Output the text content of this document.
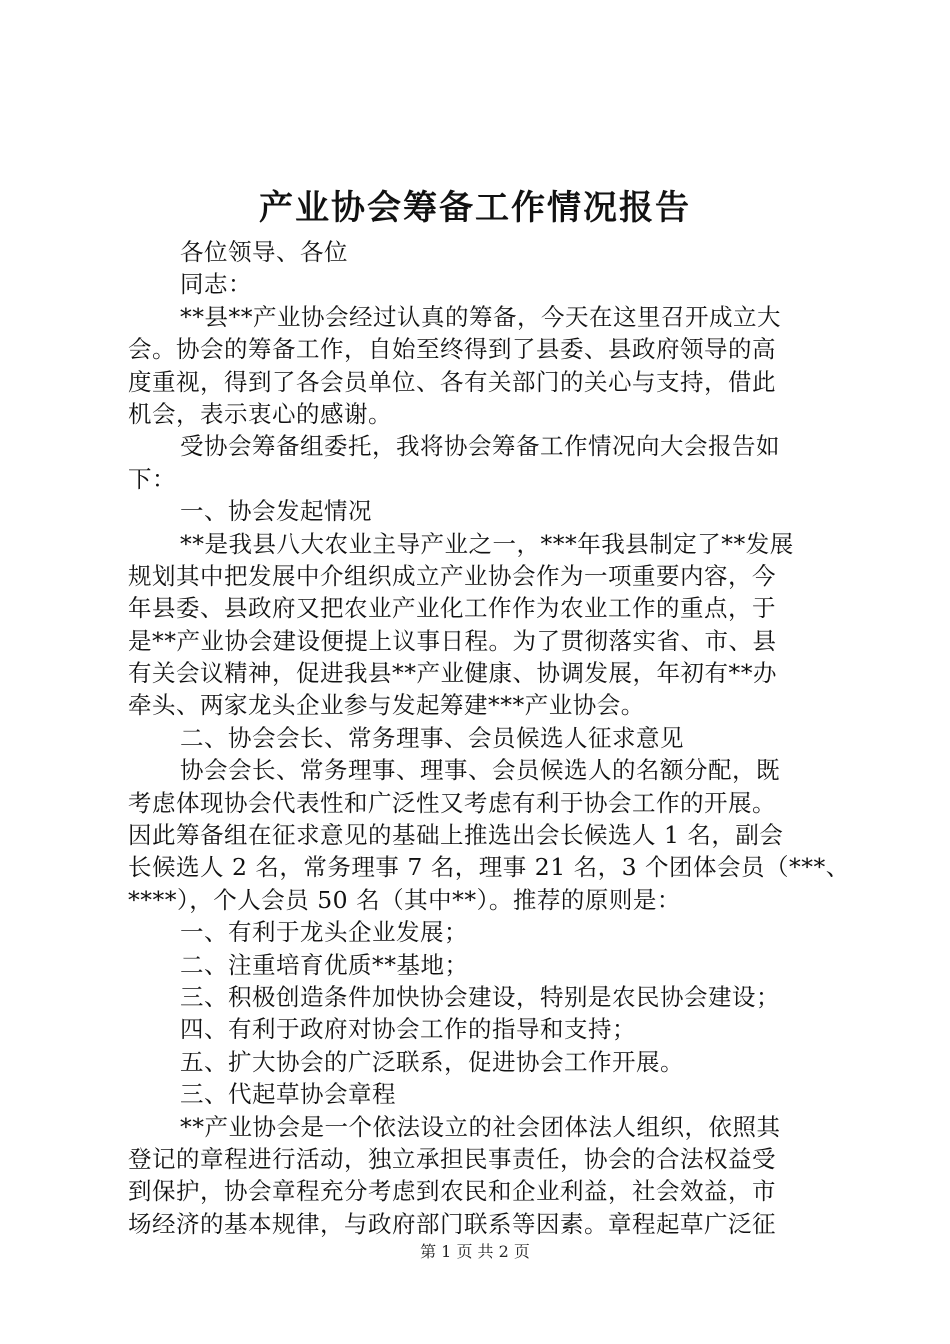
产业协会筹备工作情况报告
各位领导、各位
同志：
**县**产业协会经过认真的筹备，今天在这里召开成立大
会。协会的筹备工作，自始至终得到了县委、县政府领导的高
度重视，得到了各会员单位、各有关部门的关心与支持，借此
机会，表示衷心的感谢。
受协会筹备组委托，我将协会筹备工作情况向大会报告如
下：
一、协会发起情况
**是我县八大农业主导产业之一，***年我县制定了**发展
规划其中把发展中介组织成立产业协会作为一项重要内容，今
年县委、县政府又把农业产业化工作作为农业工作的重点，于
是**产业协会建设便提上议事日程。为了贯彻落实省、市、县
有关会议精神，促进我县**产业健康、协调发展，年初有**办
牵头、两家龙头企业参与发起筹建***产业协会。
二、协会会长、常务理事、会员候选人征求意见
协会会长、常务理事、理事、会员候选人的名额分配，既
考虑体现协会代表性和广泛性又考虑有利于协会工作的开展。
因此筹备组在征求意见的基础上推选出会长候选人 1 名，副会
长候选人 2 名，常务理事 7 名，理事 21 名，3 个团体会员（***、
****），个人会员 50 名（其中**）。推荐的原则是：
一、有利于龙头企业发展；
二、注重培育优质**基地；
三、积极创造条件加快协会建设，特别是农民协会建设；
四、有利于政府对协会工作的指导和支持；
五、扩大协会的广泛联系，促进协会工作开展。
三、代起草协会章程
**产业协会是一个依法设立的社会团体法人组织，依照其
登记的章程进行活动，独立承担民事责任，协会的合法权益受
到保护，协会章程充分考虑到农民和企业利益，社会效益，市
场经济的基本规律，与政府部门联系等因素。章程起草广泛征
第 1 页 共 2 页
